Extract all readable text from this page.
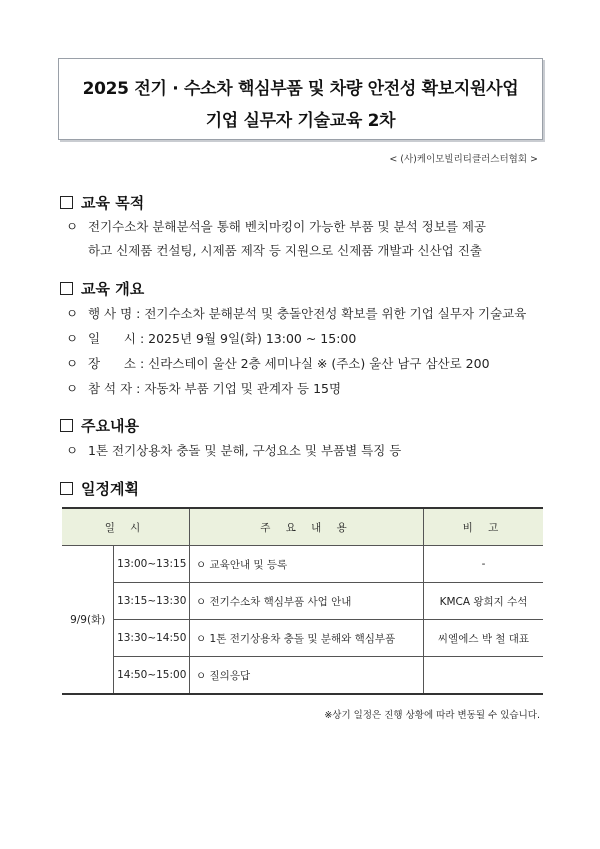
2025 전기 · 수소차 핵심부품 및 차량 안전성 확보지원사업
기업 실무자 기술교육 2차
< (사)케이모빌리티클러스터협회 >
교육 목적
ㅇ 전기수소차 분해분석을 통해 벤치마킹이 가능한 부품 및 분석 정보를 제공
하고 신제품 컨설팅, 시제품 제작 등 지원으로 신제품 개발과 신산업 진출
교육 개요
ㅇ 행 사 명 : 전기수소차 분해분석 및 충돌안전성 확보를 위한 기업 실무자 기술교육
ㅇ 일      시 : 2025년 9월 9일(화) 13:00 ~ 15:00
ㅇ 장      소 : 신라스테이 울산 2층 세미나실 ※ (주소) 울산 남구 삼산로 200
ㅇ 참 석 자 : 자동차 부품 기업 및 관계자 등 15명
주요내용
ㅇ 1톤 전기상용차 충돌 및 분해, 구성요소 및 부품별 특징 등
일정계획
일 시		주 요 내 용	비 고
9/9(화)	13:00~13:15	ㅇ 교육안내 및 등록	-
	13:15~13:30	ㅇ 전기수소차 핵심부품 사업 안내	KMCA 왕희지 수석
	13:30~14:50	ㅇ 1톤 전기상용차 충돌 및 분해와 핵심부품	씨엘에스 박 철 대표
	14:50~15:00	ㅇ 질의응답	
※상기 일정은 진행 상황에 따라 변동될 수 있습니다.
